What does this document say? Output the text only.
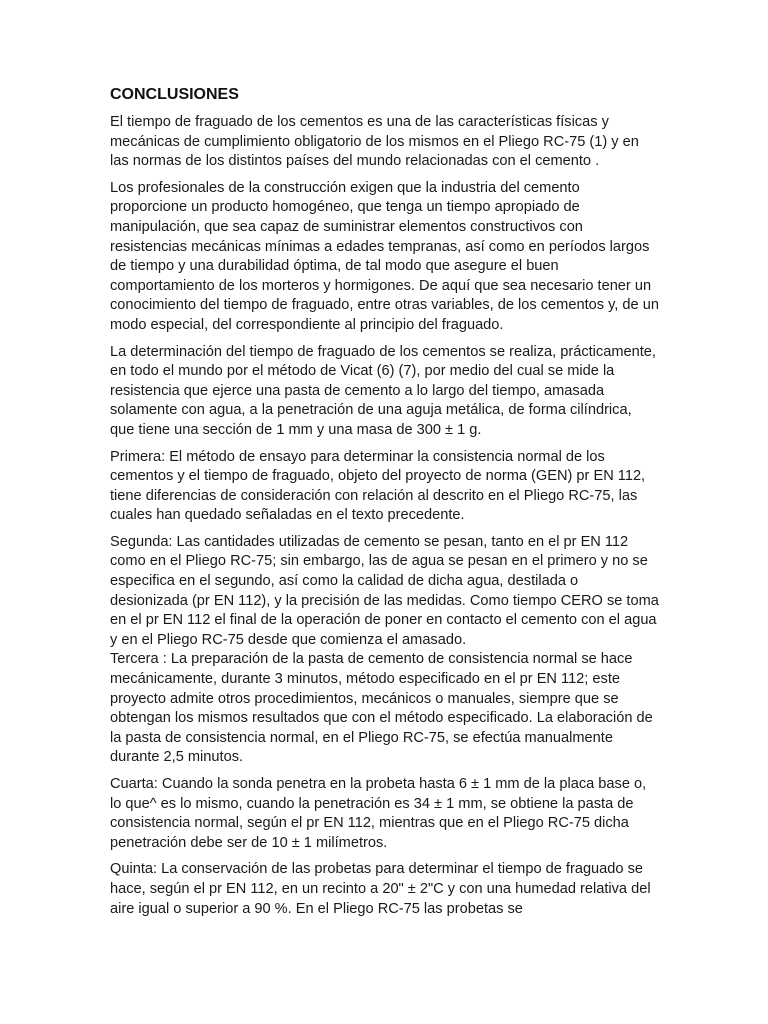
CONCLUSIONES

El tiempo de fraguado de los cementos es una de las características físicas y mecánicas de cumplimiento obligatorio de los mismos en el Pliego RC-75 (1) y en las normas de los distintos países del mundo relacionadas con el cemento .

Los profesionales de la construcción exigen que la industria del cemento proporcione un producto homogéneo, que tenga un tiempo apropiado de manipulación, que sea capaz de suministrar elementos constructivos con resistencias mecánicas mínimas a edades tempranas, así como en períodos largos de tiempo y una durabilidad óptima, de tal modo que asegure el buen comportamiento de los morteros y hormigones. De aquí que sea necesario tener un conocimiento del tiempo de fraguado, entre otras variables, de los cementos y, de un modo especial, del correspondiente al principio del fraguado.

La determinación del tiempo de fraguado de los cementos se realiza, prácticamente, en todo el mundo por el método de Vicat (6) (7), por medio del cual se mide la resistencia que ejerce una pasta de cemento a lo largo del tiempo, amasada solamente con agua, a la penetración de una aguja metálica, de forma cilíndrica, que tiene una sección de 1 mm y una masa de 300 ± 1 g.

Primera: El método de ensayo para determinar la consistencia normal de los cementos y el tiempo de fraguado, objeto del proyecto de norma (GEN) pr EN 112, tiene diferencias de consideración con relación al descrito en el Pliego RC-75, las cuales han quedado señaladas en el texto precedente.

Segunda: Las cantidades utilizadas de cemento se pesan, tanto en el pr EN 112 como en el Pliego RC-75; sin embargo, las de agua se pesan en el primero y no se especifica en el segundo, así como la calidad de dicha agua, destilada o desionizada (pr EN 112), y la precisión de las medidas. Como tiempo CERO se toma en el pr EN 112 el final de la operación de poner en contacto el cemento con el agua y en el Pliego RC-75 desde que comienza el amasado.

Tercera : La preparación de la pasta de cemento de consistencia normal se hace mecánicamente, durante 3 minutos, método especificado en el pr EN 112; este proyecto admite otros procedimientos, mecánicos o manuales, siempre que se obtengan los mismos resultados que con el método especificado. La elaboración de la pasta de consistencia normal, en el Pliego RC-75, se efectúa manualmente durante 2,5 minutos.

Cuarta: Cuando la sonda penetra en la probeta hasta 6 ± 1 mm de la placa base o, lo que^ es lo mismo, cuando la penetración es 34 ± 1 mm, se obtiene la pasta de consistencia normal, según el pr EN 112, mientras que en el Pliego RC-75 dicha penetración debe ser de 10 ± 1 milímetros.

Quinta: La conservación de las probetas para determinar el tiempo de fraguado se hace, según el pr EN 112, en un recinto a 20" ± 2"C y con una humedad relativa del aire igual o superior a 90 %. En el Pliego RC-75 las probetas se
